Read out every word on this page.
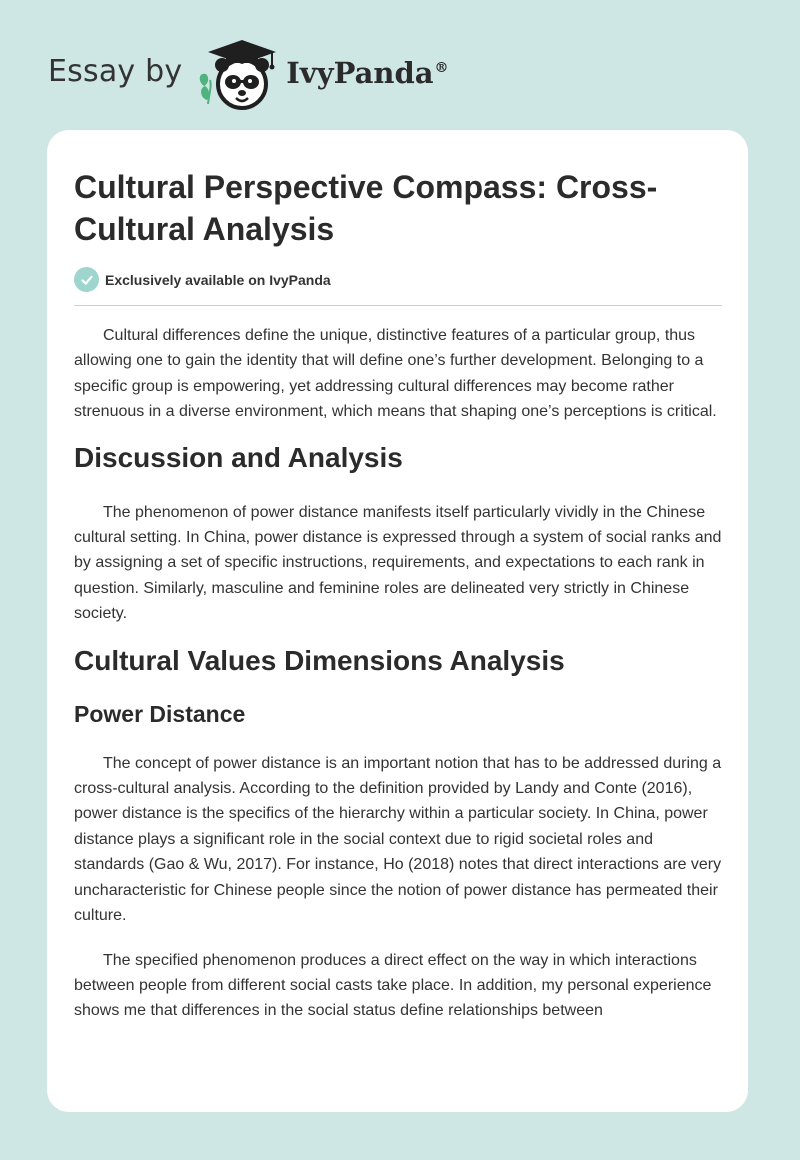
Essay by	IvyPanda®
Cultural Perspective Compass: Cross-Cultural Analysis
Exclusively available on IvyPanda

Cultural differences define the unique, distinctive features of a particular group, thus allowing one to gain the identity that will define one’s further development. Belonging to a specific group is empowering, yet addressing cultural differences may become rather strenuous in a diverse environment, which means that shaping one’s perceptions is critical.

Discussion and Analysis

The phenomenon of power distance manifests itself particularly vividly in the Chinese cultural setting. In China, power distance is expressed through a system of social ranks and by assigning a set of specific instructions, requirements, and expectations to each rank in question. Similarly, masculine and feminine roles are delineated very strictly in Chinese society.

Cultural Values Dimensions Analysis
Power Distance

The concept of power distance is an important notion that has to be addressed during a cross-cultural analysis. According to the definition provided by Landy and Conte (2016), power distance is the specifics of the hierarchy within a particular society. In China, power distance plays a significant role in the social context due to rigid societal roles and standards (Gao & Wu, 2017). For instance, Ho (2018) notes that direct interactions are very uncharacteristic for Chinese people since the notion of power distance has permeated their culture.

The specified phenomenon produces a direct effect on the way in which interactions between people from different social casts take place. In addition, my personal experience shows me that differences in the social status define relationships between
